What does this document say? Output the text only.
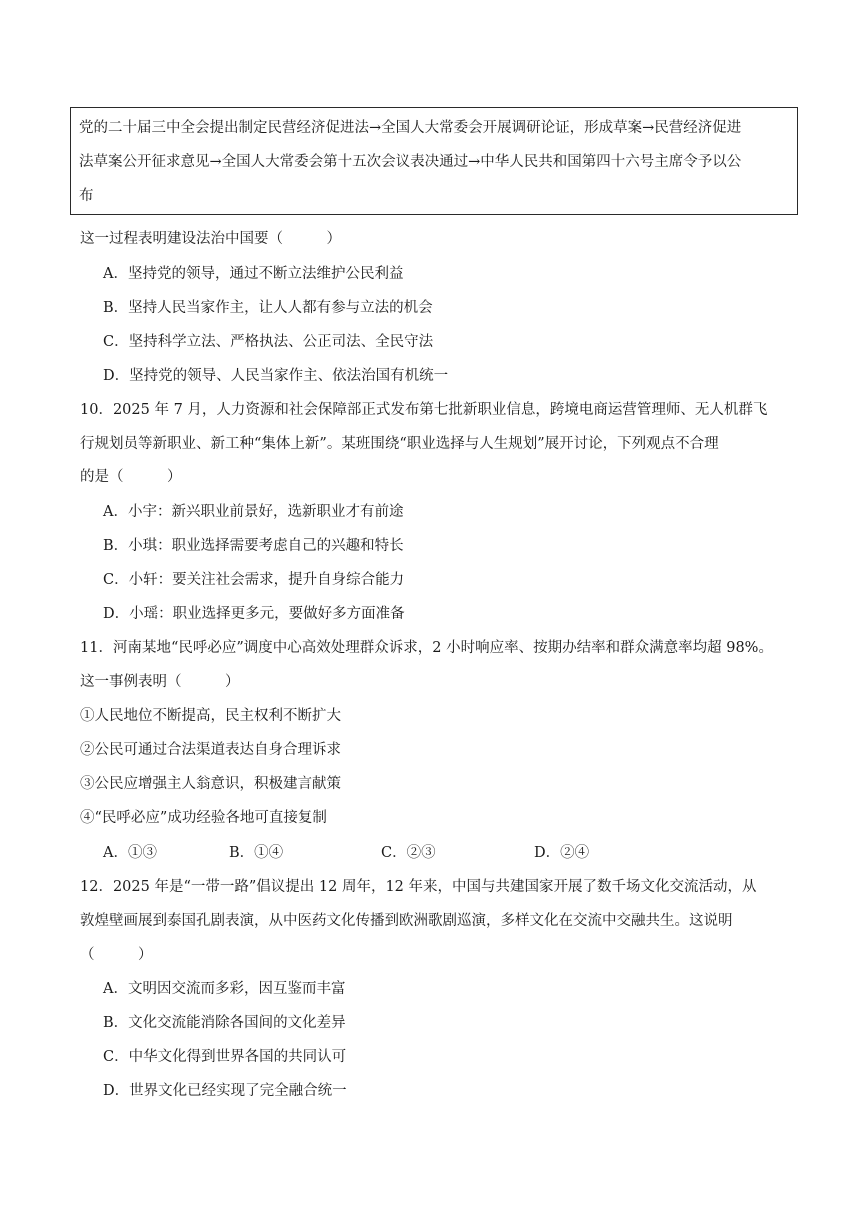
党的二十届三中全会提出制定民营经济促进法→全国人大常委会开展调研论证，形成草案→民营经济促进
法草案公开征求意见→全国人大常委会第十五次会议表决通过→中华人民共和国第四十六号主席令予以公
布
这一过程表明建设法治中国要（　　　）
A．坚持党的领导，通过不断立法维护公民利益
B．坚持人民当家作主，让人人都有参与立法的机会
C．坚持科学立法、严格执法、公正司法、全民守法
D．坚持党的领导、人民当家作主、依法治国有机统一
10．2025 年 7 月，人力资源和社会保障部正式发布第七批新职业信息，跨境电商运营管理师、无人机群飞
行规划员等新职业、新工种“集体上新”。某班围绕“职业选择与人生规划”展开讨论，下列观点不合理
的是（　　　）
A．小宇：新兴职业前景好，选新职业才有前途
B．小琪：职业选择需要考虑自己的兴趣和特长
C．小轩：要关注社会需求，提升自身综合能力
D．小瑶：职业选择更多元，要做好多方面准备
11．河南某地“民呼必应”调度中心高效处理群众诉求，2 小时响应率、按期办结率和群众满意率均超 98%。
这一事例表明（　　　）
①人民地位不断提高，民主权利不断扩大
②公民可通过合法渠道表达自身合理诉求
③公民应增强主人翁意识，积极建言献策
④“民呼必应”成功经验各地可直接复制
A．①③	B．①④	C．②③	D．②④
12．2025 年是“一带一路”倡议提出 12 周年，12 年来，中国与共建国家开展了数千场文化交流活动，从
敦煌壁画展到泰国孔剧表演，从中医药文化传播到欧洲歌剧巡演，多样文化在交流中交融共生。这说明
（　　　）
A．文明因交流而多彩，因互鉴而丰富
B．文化交流能消除各国间的文化差异
C．中华文化得到世界各国的共同认可
D．世界文化已经实现了完全融合统一
